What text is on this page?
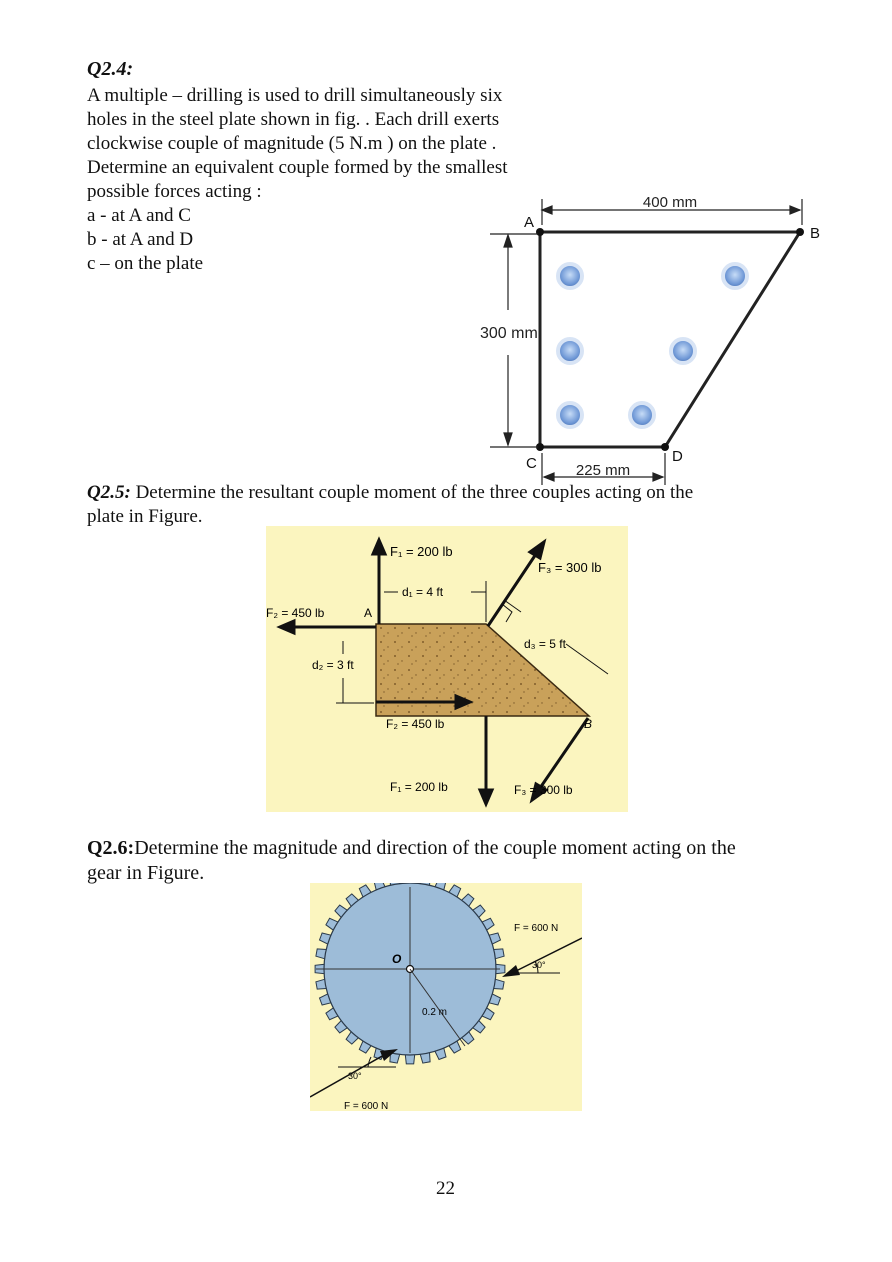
Q2.4:
A multiple – drilling is used to drill simultaneously six
holes in the steel plate shown in fig. . Each drill exerts
clockwise couple of magnitude (5 N.m ) on the plate .
Determine an equivalent couple formed by the smallest
possible forces acting :
a - at A and C
b - at A and D
c – on the plate
400 mm
300 mm
225 mm
A
B
C	D
Q2.5: Determine the resultant couple moment of the three couples acting on the plate in Figure.
F₁ = 200 lb
d₁ = 4 ft
F₂ = 450 lb	A
d₂ = 3 ft
F₂ = 450 lb
F₁ = 200 lb
F₃ = 300 lb
d₃ = 5 ft
F₃ = 300 lb
B
Q2.6:Determine the magnitude and direction of the couple moment acting on the
gear in Figure.
O
0.2 m
F = 600 N
30°
30°
F = 600 N
22
